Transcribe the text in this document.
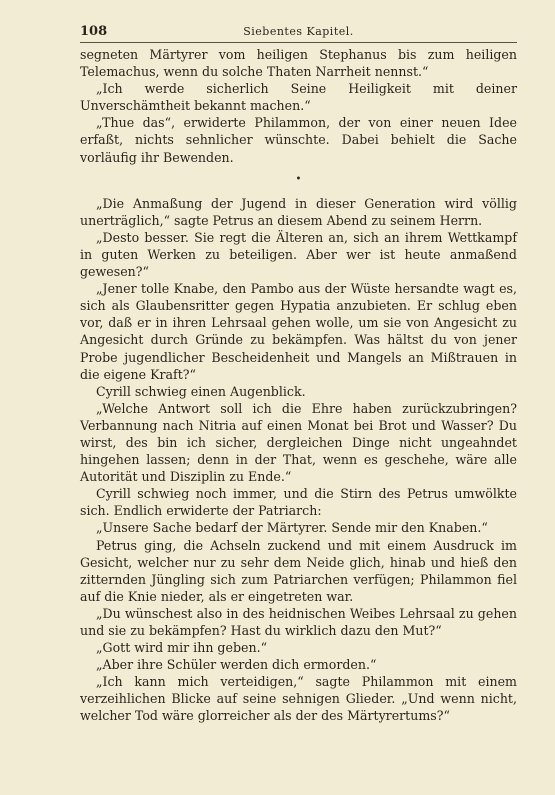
108	Siebentes Kapitel.

segneten Märtyrer vom heiligen Stephanus bis zum heiligen Telemachus, wenn du solche Thaten Narrheit nennst.“

„Ich werde sicherlich Seine Heiligkeit mit deiner Unverschämtheit bekannt machen.“

„Thue das“, erwiderte Philammon, der von einer neuen Idee erfaßt, nichts sehnlicher wünschte. Dabei behielt die Sache vorläufig ihr Bewenden.

•

„Die Anmaßung der Jugend in dieser Generation wird völlig unerträglich,“ sagte Petrus an diesem Abend zu seinem Herrn.

„Desto besser. Sie regt die Älteren an, sich an ihrem Wettkampf in guten Werken zu beteiligen. Aber wer ist heute anmaßend gewesen?“

„Jener tolle Knabe, den Pambo aus der Wüste hersandte wagt es, sich als Glaubensritter gegen Hypatia anzubieten. Er schlug eben vor, daß er in ihren Lehrsaal gehen wolle, um sie von Angesicht zu Angesicht durch Gründe zu bekämpfen. Was hältst du von jener Probe jugendlicher Bescheidenheit und Mangels an Mißtrauen in die eigene Kraft?“

Cyrill schwieg einen Augenblick.

„Welche Antwort soll ich die Ehre haben zurückzubringen? Verbannung nach Nitria auf einen Monat bei Brot und Wasser? Du wirst, des bin ich sicher, dergleichen Dinge nicht ungeahndet hingehen lassen; denn in der That, wenn es geschehe, wäre alle Autorität und Disziplin zu Ende.“

Cyrill schwieg noch immer, und die Stirn des Petrus umwölkte sich. Endlich erwiderte der Patriarch:

„Unsere Sache bedarf der Märtyrer. Sende mir den Knaben.“

Petrus ging, die Achseln zuckend und mit einem Ausdruck im Gesicht, welcher nur zu sehr dem Neide glich, hinab und hieß den zitternden Jüngling sich zum Patriarchen verfügen; Philammon fiel auf die Knie nieder, als er eingetreten war.

„Du wünschest also in des heidnischen Weibes Lehrsaal zu gehen und sie zu bekämpfen? Hast du wirklich dazu den Mut?“

„Gott wird mir ihn geben.“

„Aber ihre Schüler werden dich ermorden.“

„Ich kann mich verteidigen,“ sagte Philammon mit einem verzeihlichen Blicke auf seine sehnigen Glieder. „Und wenn nicht, welcher Tod wäre glorreicher als der des Märtyrertums?“
